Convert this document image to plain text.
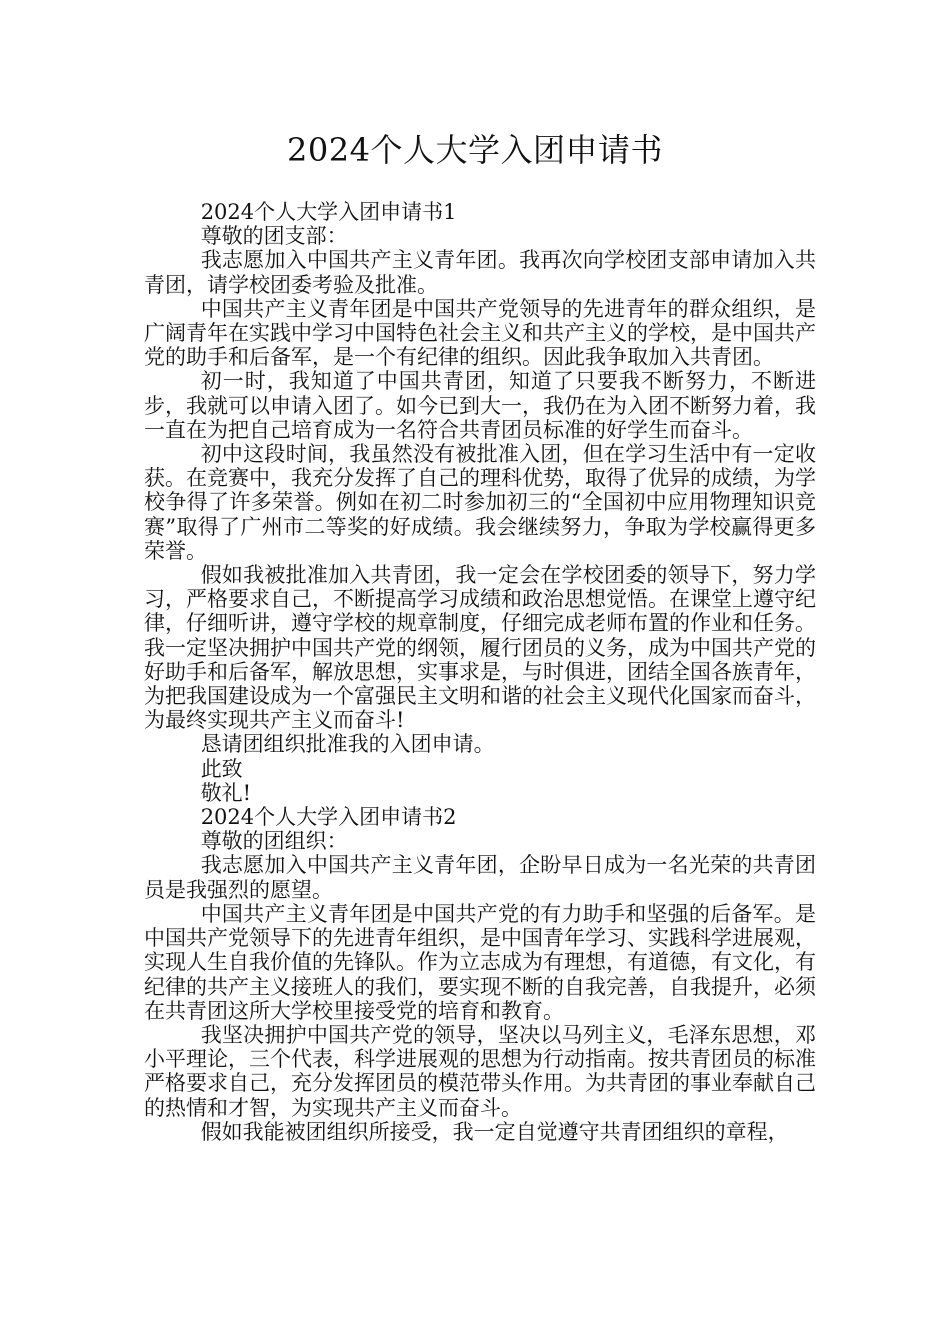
2024个人大学入团申请书

2024个人大学入团申请书1

尊敬的团支部：

我志愿加入中国共产主义青年团。我再次向学校团支部申请加入共青团，请学校团委考验及批准。

中国共产主义青年团是中国共产党领导的先进青年的群众组织，是广阔青年在实践中学习中国特色社会主义和共产主义的学校，是中国共产党的助手和后备军，是一个有纪律的组织。因此我争取加入共青团。

初一时，我知道了中国共青团，知道了只要我不断努力，不断进步，我就可以申请入团了。如今已到大一，我仍在为入团不断努力着，我一直在为把自己培育成为一名符合共青团员标准的好学生而奋斗。

初中这段时间，我虽然没有被批准入团，但在学习生活中有一定收获。在竞赛中，我充分发挥了自己的理科优势，取得了优异的成绩，为学校争得了许多荣誉。例如在初二时参加初三的“全国初中应用物理知识竞赛”取得了广州市二等奖的好成绩。我会继续努力，争取为学校赢得更多荣誉。

假如我被批准加入共青团，我一定会在学校团委的领导下，努力学习，严格要求自己，不断提高学习成绩和政治思想觉悟。在课堂上遵守纪律，仔细听讲，遵守学校的规章制度，仔细完成老师布置的作业和任务。我一定坚决拥护中国共产党的纲领，履行团员的义务，成为中国共产党的好助手和后备军，解放思想，实事求是，与时俱进，团结全国各族青年，为把我国建设成为一个富强民主文明和谐的社会主义现代化国家而奋斗，为最终实现共产主义而奋斗!

恳请团组织批准我的入团申请。

此致

敬礼!

2024个人大学入团申请书2

尊敬的团组织：

我志愿加入中国共产主义青年团，企盼早日成为一名光荣的共青团员是我强烈的愿望。

中国共产主义青年团是中国共产党的有力助手和坚强的后备军。是中国共产党领导下的先进青年组织，是中国青年学习、实践科学进展观，实现人生自我价值的先锋队。作为立志成为有理想，有道德，有文化，有纪律的共产主义接班人的我们，要实现不断的自我完善，自我提升，必须在共青团这所大学校里接受党的培育和教育。

我坚决拥护中国共产党的领导，坚决以马列主义，毛泽东思想，邓小平理论，三个代表，科学进展观的思想为行动指南。按共青团员的标准严格要求自己，充分发挥团员的模范带头作用。为共青团的事业奉献自己的热情和才智，为实现共产主义而奋斗。

假如我能被团组织所接受，我一定自觉遵守共青团组织的章程，
